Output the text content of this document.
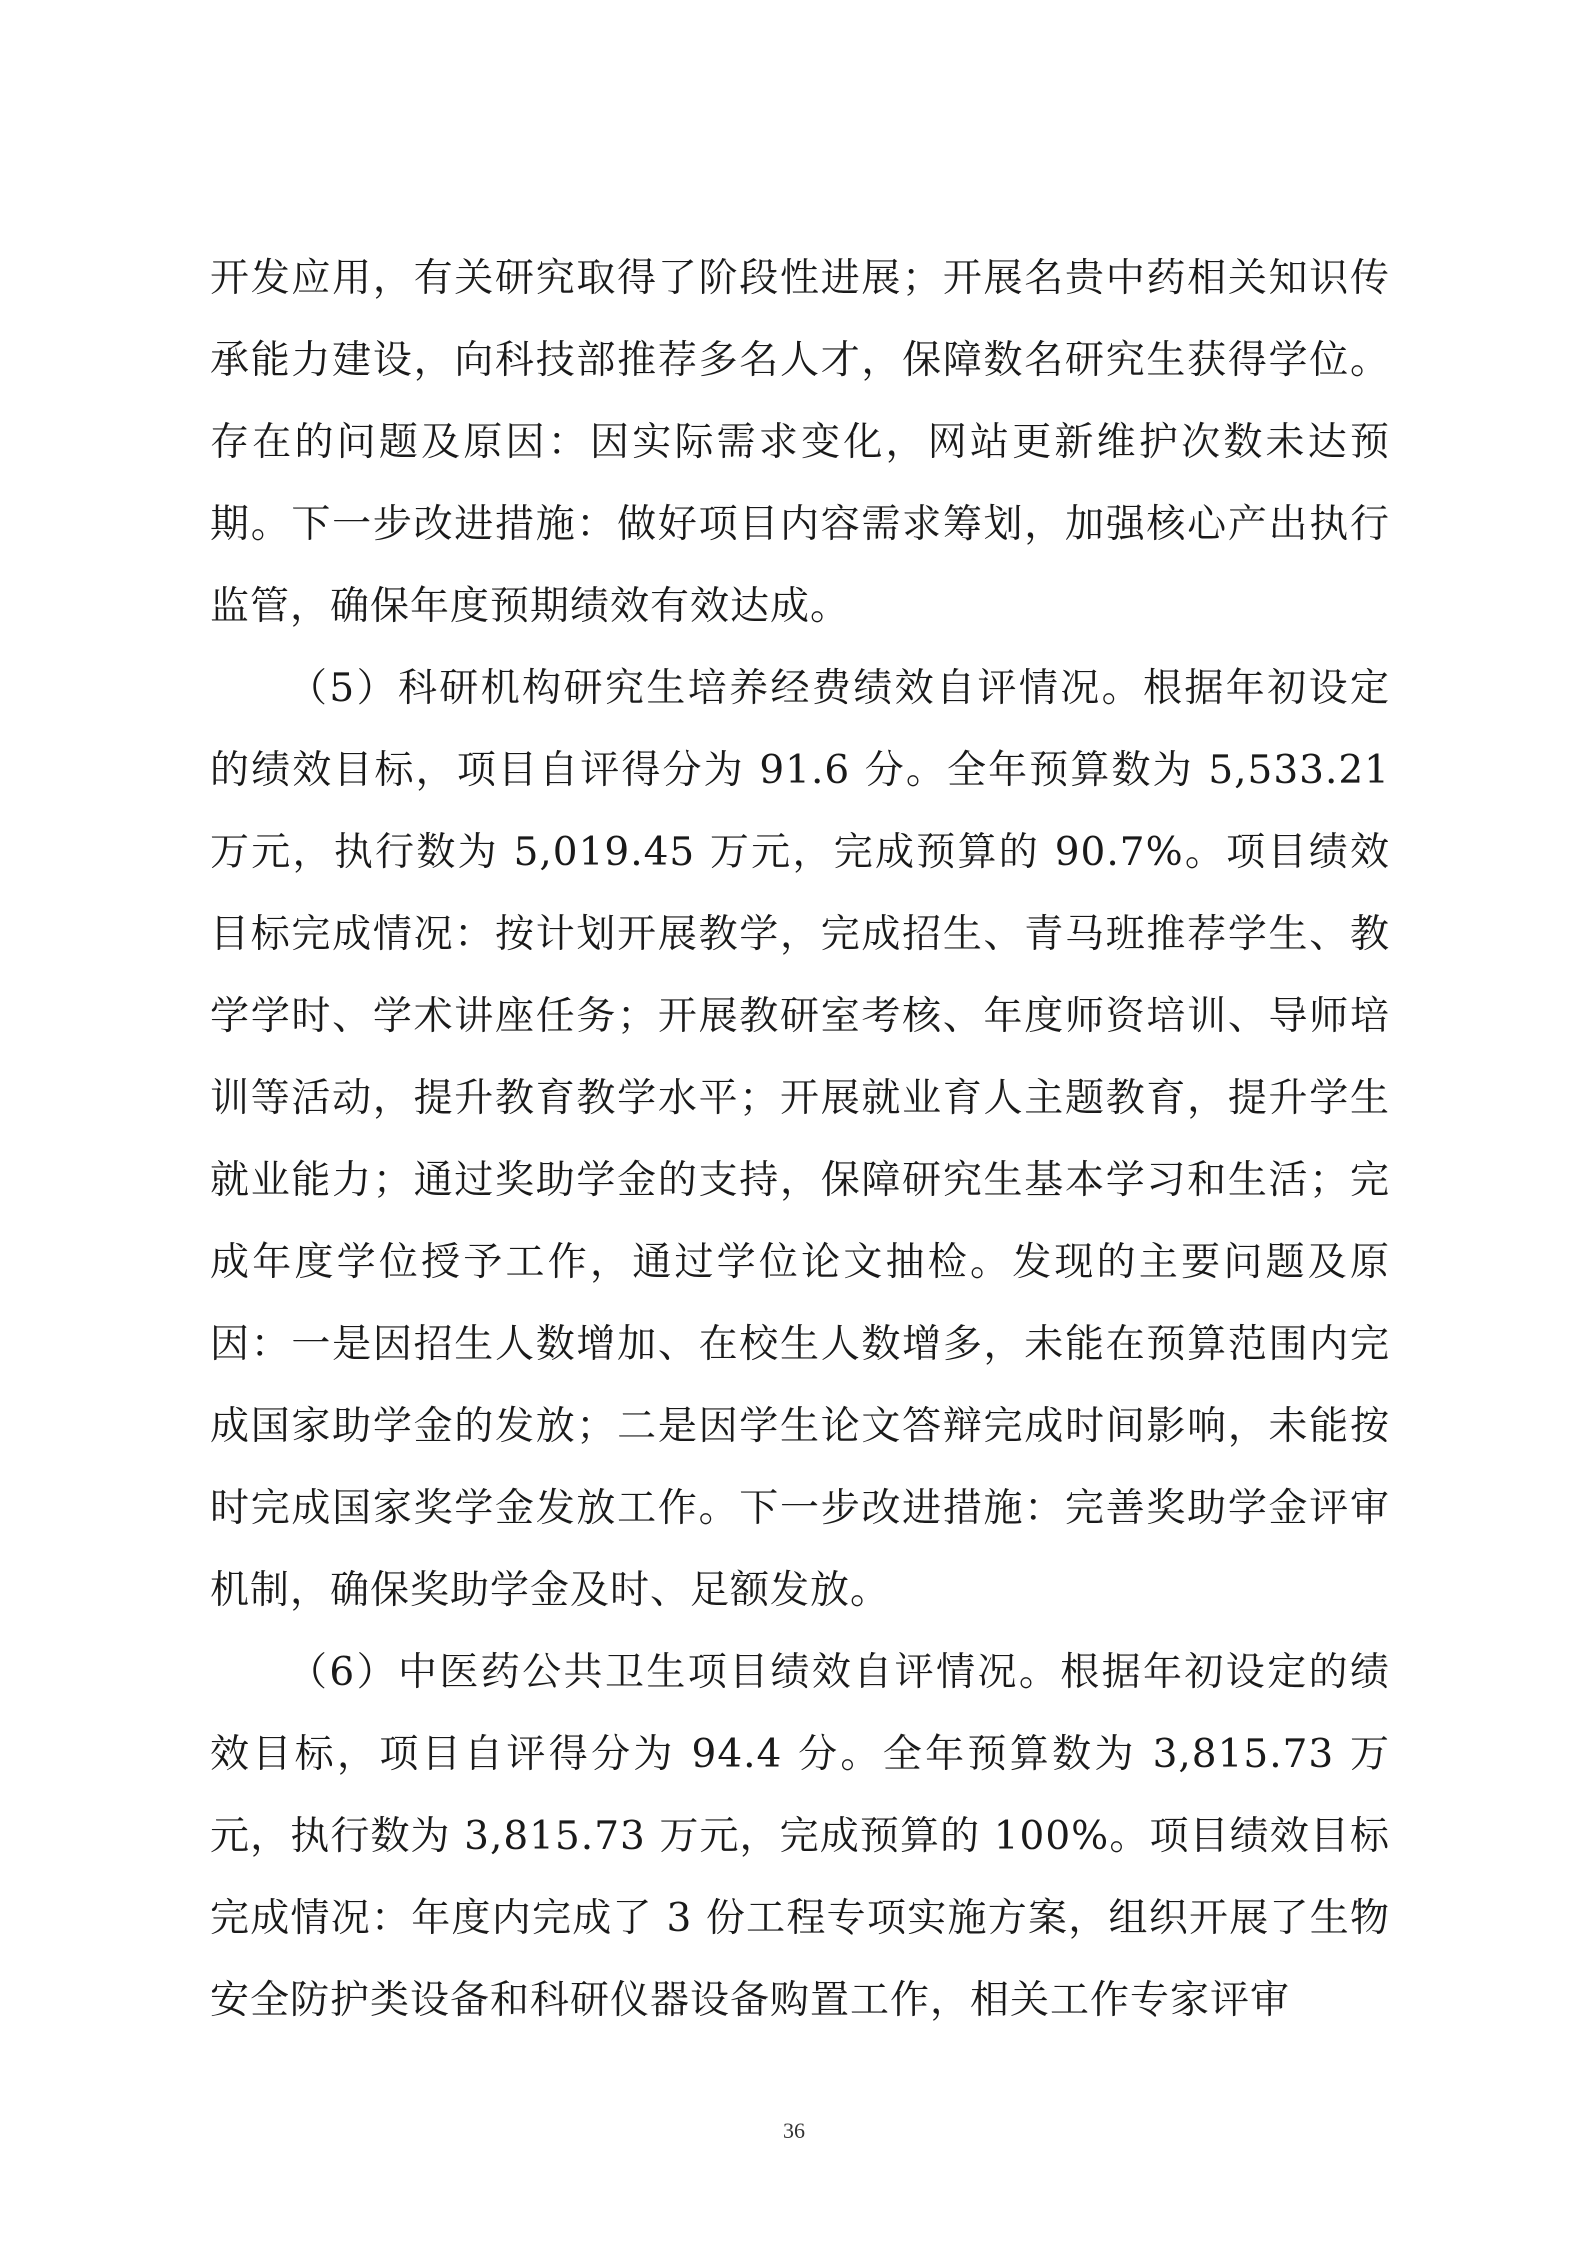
开发应用，有关研究取得了阶段性进展；开展名贵中药相关知识传承能力建设，向科技部推荐多名人才，保障数名研究生获得学位。存在的问题及原因：因实际需求变化，网站更新维护次数未达预期。下一步改进措施：做好项目内容需求筹划，加强核心产出执行监管，确保年度预期绩效有效达成。

（5）科研机构研究生培养经费绩效自评情况。根据年初设定的绩效目标，项目自评得分为 91.6 分。全年预算数为 5,533.21 万元，执行数为 5,019.45 万元，完成预算的 90.7%。项目绩效目标完成情况：按计划开展教学，完成招生、青马班推荐学生、教学学时、学术讲座任务；开展教研室考核、年度师资培训、导师培训等活动，提升教育教学水平；开展就业育人主题教育，提升学生就业能力；通过奖助学金的支持，保障研究生基本学习和生活；完成年度学位授予工作，通过学位论文抽检。发现的主要问题及原因：一是因招生人数增加、在校生人数增多，未能在预算范围内完成国家助学金的发放；二是因学生论文答辩完成时间影响，未能按时完成国家奖学金发放工作。下一步改进措施：完善奖助学金评审机制，确保奖助学金及时、足额发放。

（6）中医药公共卫生项目绩效自评情况。根据年初设定的绩效目标，项目自评得分为 94.4 分。全年预算数为 3,815.73 万元，执行数为 3,815.73 万元，完成预算的 100%。项目绩效目标完成情况：年度内完成了 3 份工程专项实施方案，组织开展了生物安全防护类设备和科研仪器设备购置工作，相关工作专家评审

36
